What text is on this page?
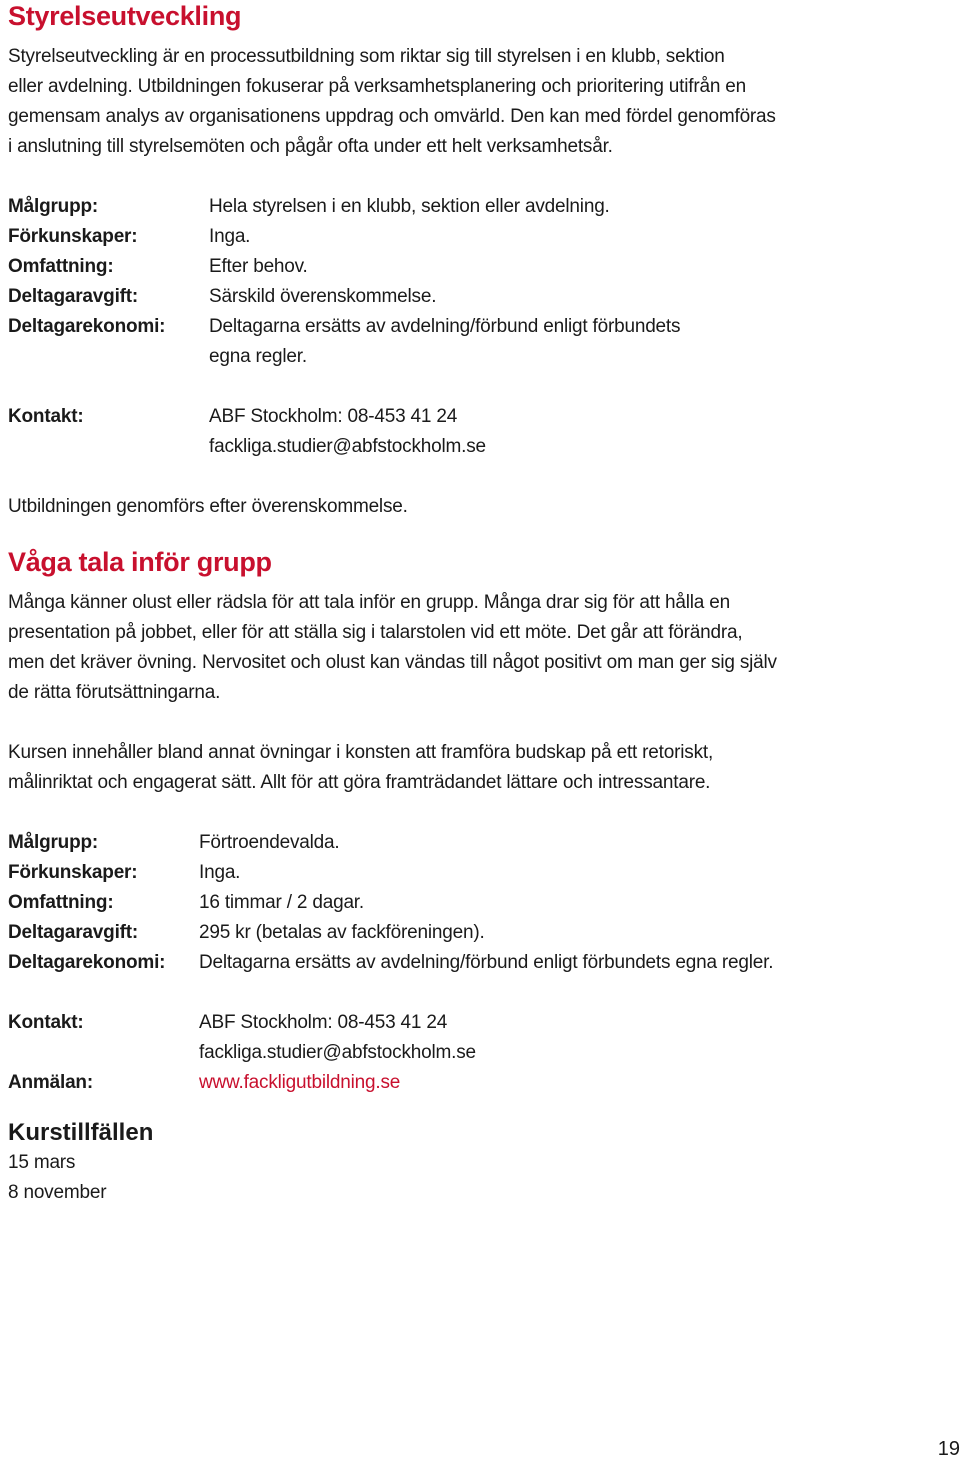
Styrelseutveckling

Styrelseutveckling är en processutbildning som riktar sig till styrelsen i en klubb, sektion

eller avdelning. Utbildningen fokuserar på verksamhetsplanering och prioritering utifrån en

gemensam analys av organisationens uppdrag och omvärld. Den kan med fördel genomföras

i anslutning till styrelsemöten och pågår ofta under ett helt verksamhetsår.

Målgrupp:	Hela styrelsen i en klubb, sektion eller avdelning.
Förkunskaper:	Inga.
Omfattning:	Efter behov.
Deltagaravgift:	Särskild överenskommelse.
Deltagarekonomi:	Deltagarna ersätts av avdelning/förbund enligt förbundets
egna regler.
Kontakt:	ABF Stockholm: 08-453 41 24
fackliga.studier@abfstockholm.se

Utbildningen genomförs efter överenskommelse.

Våga tala inför grupp

Många känner olust eller rädsla för att tala inför en grupp. Många drar sig för att hålla en

presentation på jobbet, eller för att ställa sig i talarstolen vid ett möte. Det går att förändra,

men det kräver övning. Nervositet och olust kan vändas till något positivt om man ger sig själv

de rätta förutsättningarna.

Kursen innehåller bland annat övningar i konsten att framföra budskap på ett retoriskt,

målinriktat och engagerat sätt. Allt för att göra framträdandet lättare och intressantare.

Målgrupp:	Förtroendevalda.
Förkunskaper:	Inga.
Omfattning:	16 timmar / 2 dagar.
Deltagaravgift:	295 kr (betalas av fackföreningen).
Deltagarekonomi:	Deltagarna ersätts av avdelning/förbund enligt förbundets egna regler.
Kontakt:	ABF Stockholm: 08-453 41 24
fackliga.studier@abfstockholm.se
Anmälan:	www.fackligutbildning.se
Kurstillfällen

15 mars

8 november

19
